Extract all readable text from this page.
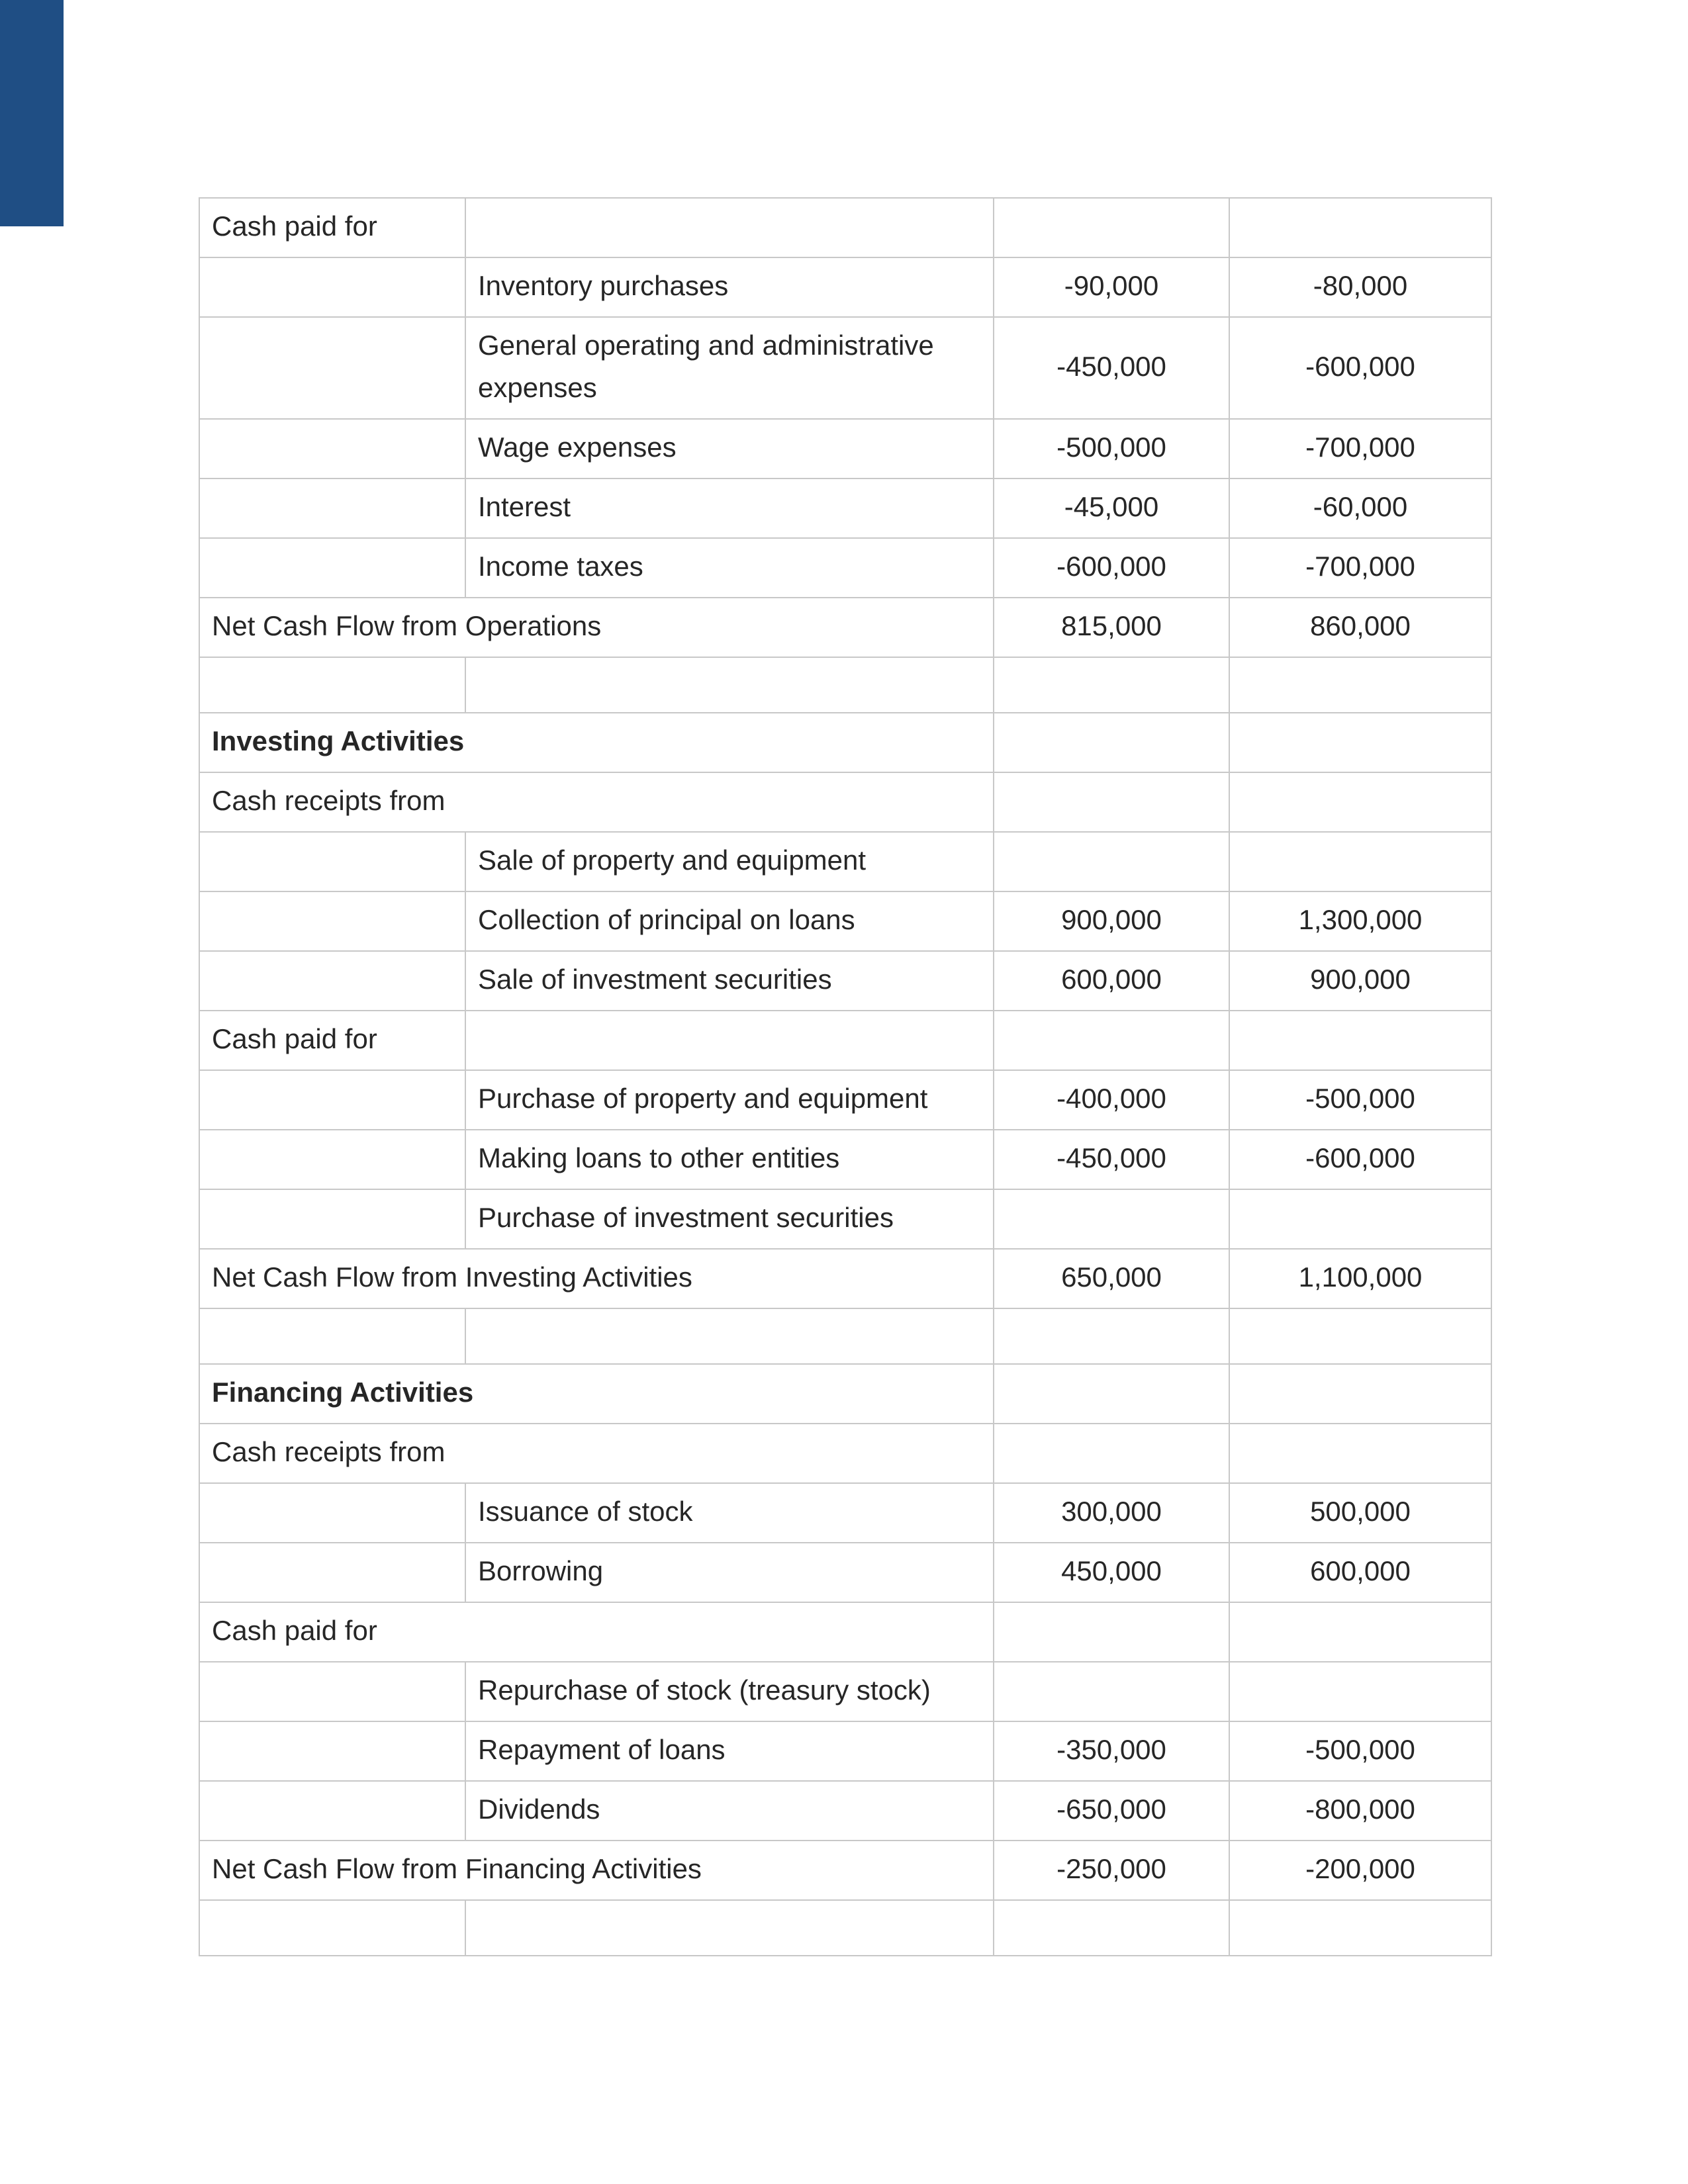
Cash paid for			
	Inventory purchases	-90,000	-80,000
	General operating and administrative expenses	-450,000	-600,000
	Wage expenses	-500,000	-700,000
	Interest	-45,000	-60,000
	Income taxes	-600,000	-700,000
Net Cash Flow from Operations		815,000	860,000

Investing Activities			
Cash receipts from			
	Sale of property and equipment		
	Collection of principal on loans	900,000	1,300,000
	Sale of investment securities	600,000	900,000
Cash paid for			
	Purchase of property and equipment	-400,000	-500,000
	Making loans to other entities	-450,000	-600,000
	Purchase of investment securities		
Net Cash Flow from Investing Activities		650,000	1,100,000

Financing Activities			
Cash receipts from			
	Issuance of stock	300,000	500,000
	Borrowing	450,000	600,000
Cash paid for			
	Repurchase of stock (treasury stock)		
	Repayment of loans	-350,000	-500,000
	Dividends	-650,000	-800,000
Net Cash Flow from Financing Activities		-250,000	-200,000
